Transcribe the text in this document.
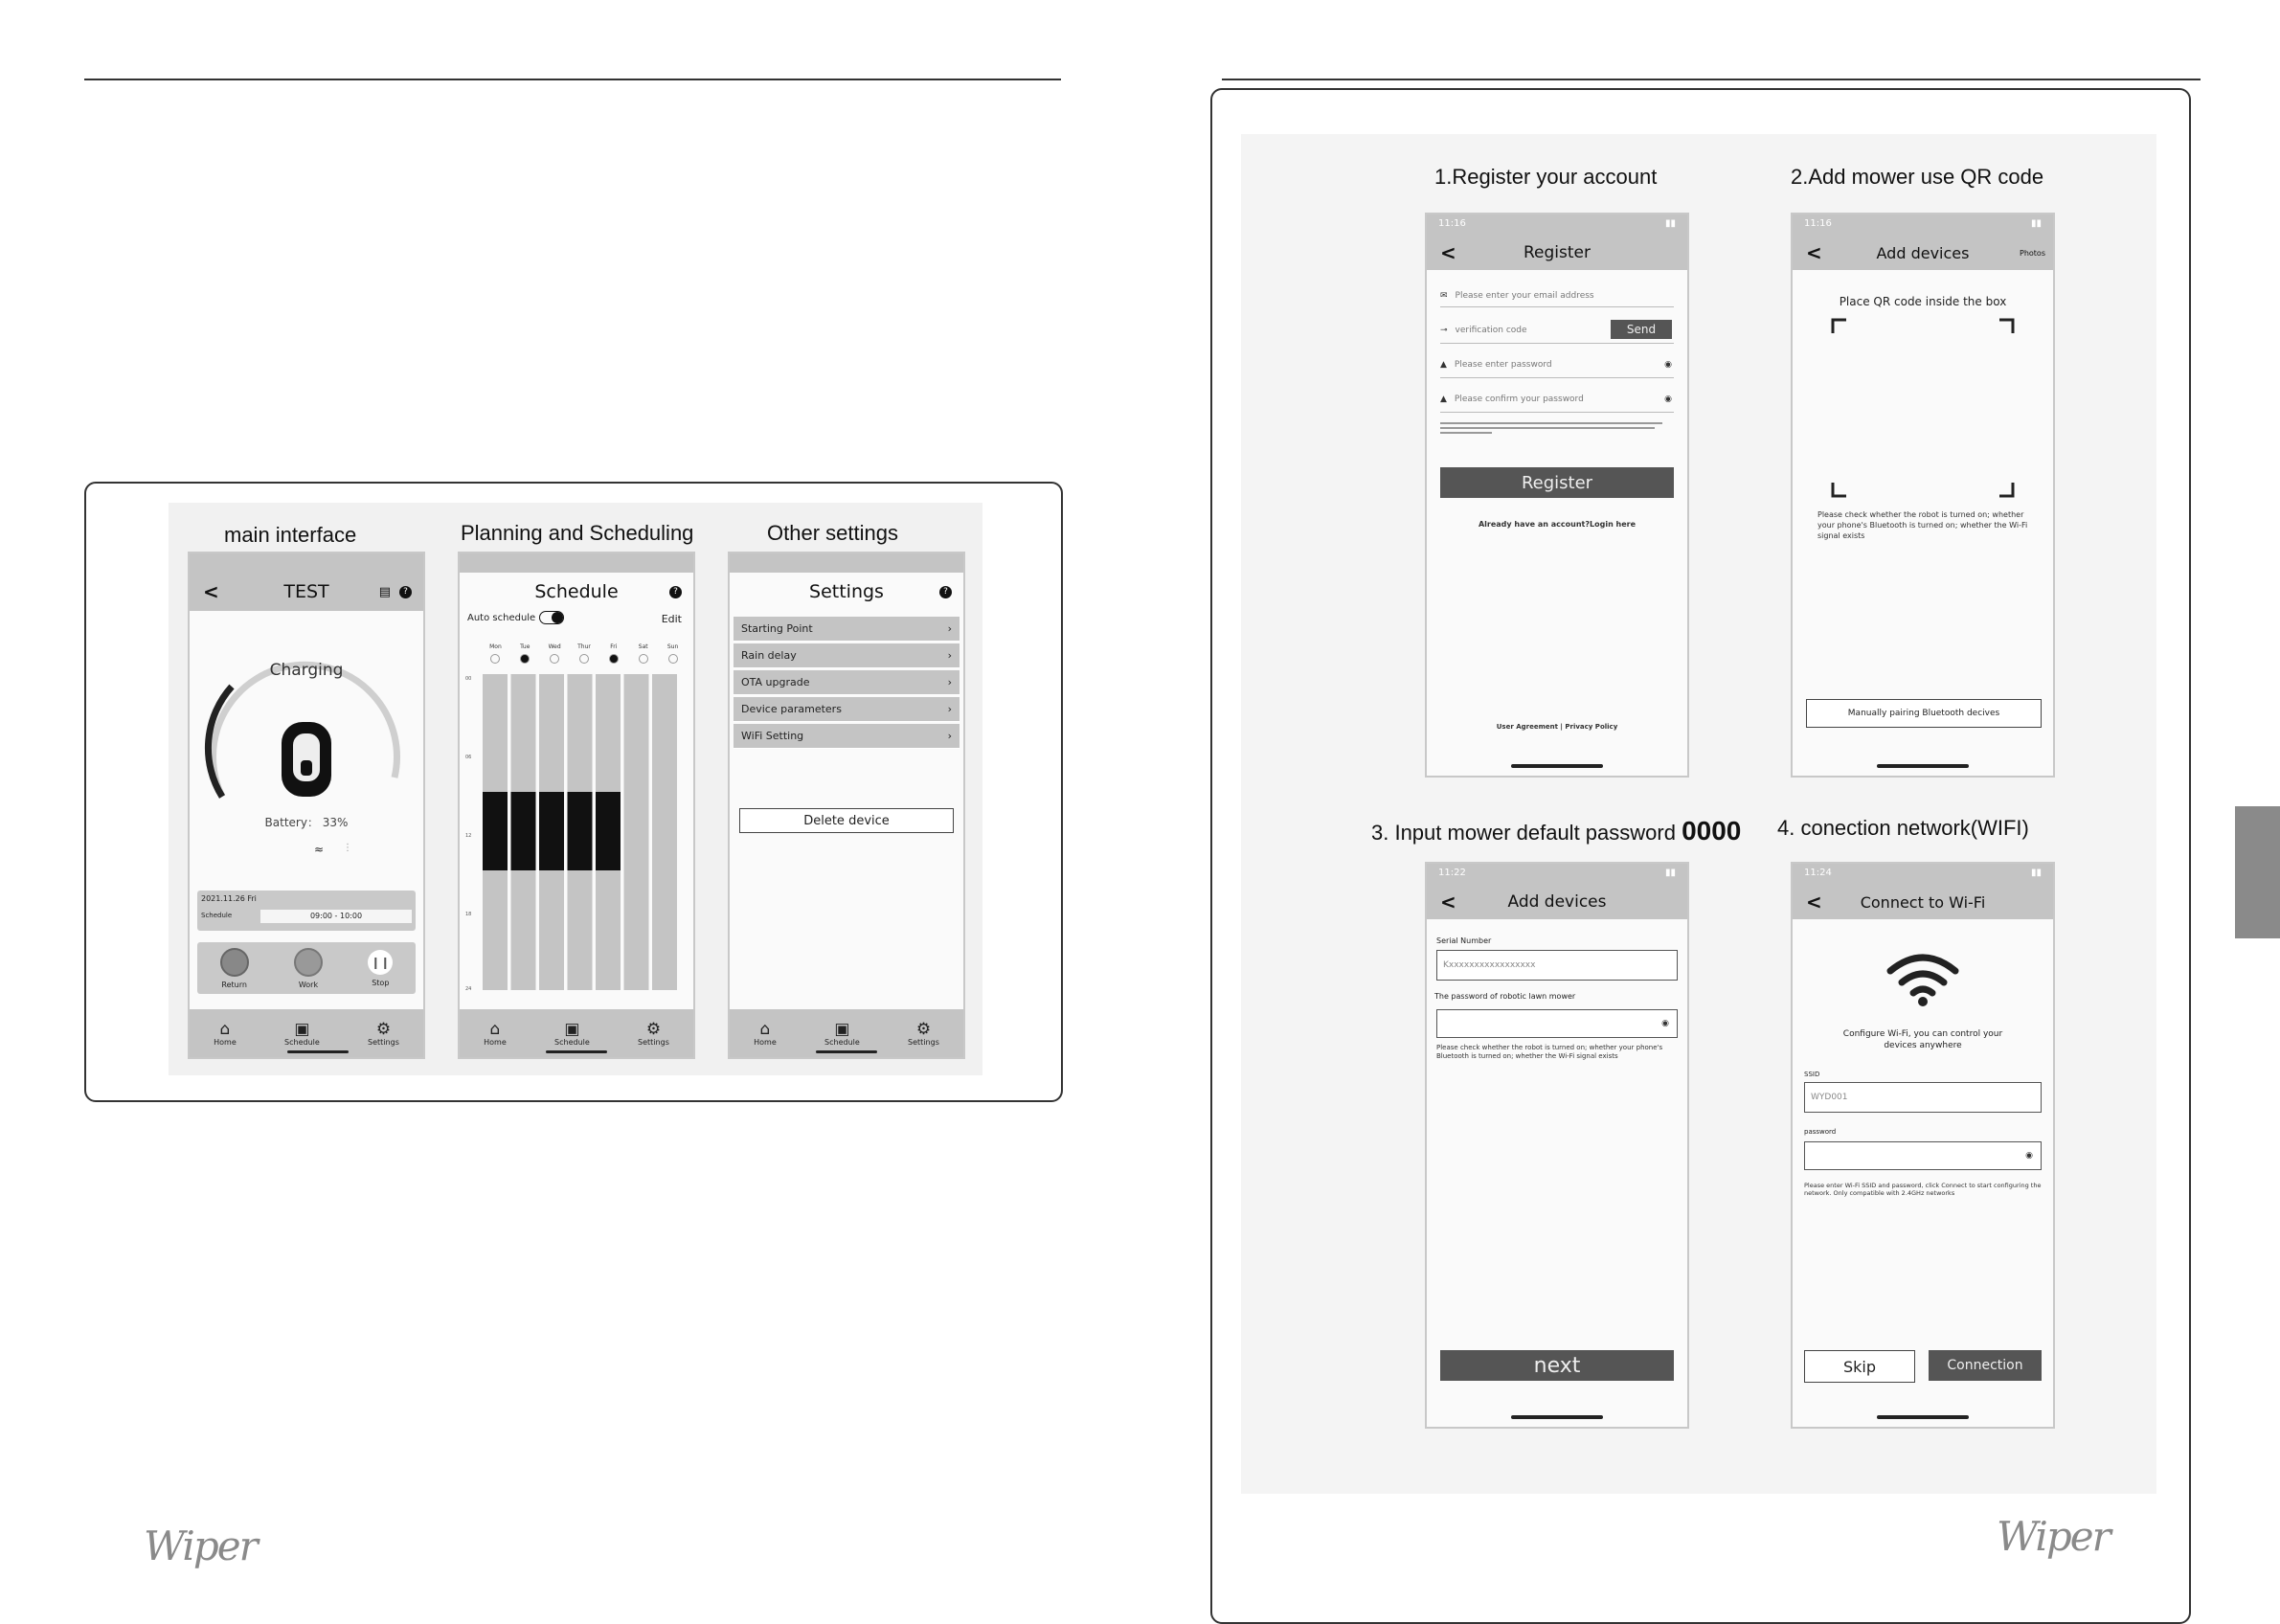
main interface	Planning and Scheduling	Other settings

<	TEST	▤	?
Charging
Battery： 33%
≈ ⋮
2021.11.26 Fri
Schedule	09:00 - 10:00
Return	Work
❙❙
Stop
⌂
Home
▣
Schedule
⚙
Settings

Schedule	?
Auto schedule	Edit
Mon	Tue	Wed	Thur	Fri	Sat	Sun

00
06
12
18
24
⌂
Home
▣
Schedule
⚙
Settings

Settings	?
Starting Point	›
Rain delay	›
OTA upgrade	›
Device parameters	›
WiFi Setting	›
Delete device
⌂
Home
▣
Schedule
⚙
Settings
1.Register your account	2.Add mower use QR code
3. Input mower default password 0000 4. conection network(WIFI)
11:16	▮▮
<	Register
✉ Please enter your email address
⊸ verification code	Send
▲ Please enter password	◉
▲ Please confirm your password	◉
Register
Already have an account?Login here
User Agreement | Privacy Policy
11:16	▮▮
<	Add devices	Photos
Place QR code inside the box
Please check whether the robot is turned on; whether your phone's Bluetooth is turned on; whether the Wi-Fi signal exists
Manually pairing Bluetooth decives
11:22	▮▮
<	Add devices
Serial Number
Kxxxxxxxxxxxxxxxxx
The password of robotic lawn mower
◉
Please check whether the robot is turned on; whether your phone's Bluetooth is turned on; whether the Wi-Fi signal exists
next
11:24	▮▮
< Connect to Wi-Fi
Configure Wi-Fi, you can control your devices anywhere
SSID
WYD001
password
◉
Please enter Wi-Fi SSID and password, click Connect to start configuring the network. Only compatible with 2.4GHz networks
Skip	Connection
Wiper	Wiper
